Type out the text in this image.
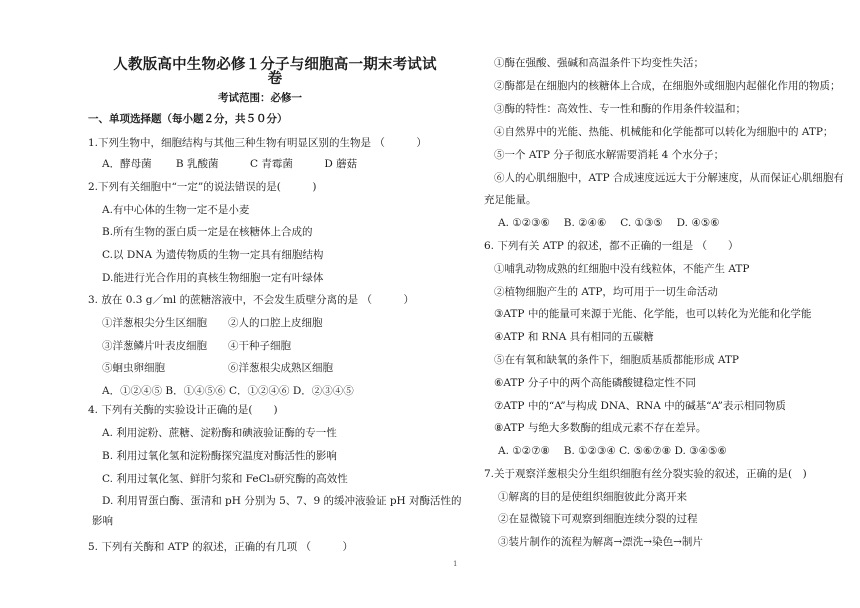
人教版高中生物必修１分子与细胞高一期末考试试卷
考试范围：必修一
一、单项选择题（每小题２分，共５０分）
1.下列生物中，细胞结构与其他三种生物有明显区别的生物是 （　　　）
A．酵母菌　　 B 乳酸菌　　　C 青霉菌　　　D 蘑菇
2.下列有关细胞中“一定”的说法错误的是(　　　)
A.有中心体的生物一定不是小麦
B.所有生物的蛋白质一定是在核糖体上合成的
C.以 DNA 为遗传物质的生物一定具有细胞结构
D.能进行光合作用的真核生物细胞一定有叶绿体
3. 放在 0.3 g／ml 的蔗糖溶液中，不会发生质壁分离的是 （　　　）
①洋葱根尖分生区细胞　　②人的口腔上皮细胞
③洋葱鳞片叶表皮细胞　　④干种子细胞
⑤蛔虫卵细胞　　　　　　⑥洋葱根尖成熟区细胞
A．①②④⑤ B．①④⑤⑥ C．①②④⑥ D．②③④⑤
4. 下列有关酶的实验设计正确的是(　　)
A. 利用淀粉、蔗糖、淀粉酶和碘液验证酶的专一性
B. 利用过氧化氢和淀粉酶探究温度对酶活性的影响
C. 利用过氧化氢、鲜肝匀浆和 FeCl₃研究酶的高效性
D. 利用胃蛋白酶、蛋清和 pH 分别为 5、7、9 的缓冲液验证 pH 对酶活性的
影响
5. 下列有关酶和 ATP 的叙述，正确的有几项 （　　　）
①酶在强酸、强碱和高温条件下均变性失活；
②酶都是在细胞内的核糖体上合成，在细胞外或细胞内起催化作用的物质；
③酶的特性：高效性、专一性和酶的作用条件较温和；
④自然界中的光能、热能、机械能和化学能都可以转化为细胞中的 ATP；
⑤一个 ATP 分子彻底水解需要消耗 4 个水分子；
⑥人的心肌细胞中，ATP 合成速度远远大于分解速度，从而保证心肌细胞有
充足能量。
A. ①②③⑥　 B. ②④⑥　 C. ①③⑤　 D. ④⑤⑥
6. 下列有关 ATP 的叙述，都不正确的一组是 （　　）
①哺乳动物成熟的红细胞中没有线粒体，不能产生 ATP
②植物细胞产生的 ATP，均可用于一切生命活动
③ATP 中的能量可来源于光能、化学能，也可以转化为光能和化学能
④ATP 和 RNA 具有相同的五碳糖
⑤在有氧和缺氧的条件下，细胞质基质都能形成 ATP
⑥ATP 分子中的两个高能磷酸键稳定性不同
⑦ATP 中的“A”与构成 DNA、RNA 中的碱基“A”表示相同物质
⑧ATP 与绝大多数酶的组成元素不存在差异。
A. ①②⑦⑧　 B. ①②③④ C. ⑤⑥⑦⑧ D. ③④⑤⑥
7.关于观察洋葱根尖分生组织细胞有丝分裂实验的叙述，正确的是(　)
①解离的目的是使组织细胞彼此分离开来
②在显微镜下可观察到细胞连续分裂的过程
③装片制作的流程为解离→漂洗→染色→制片
1
